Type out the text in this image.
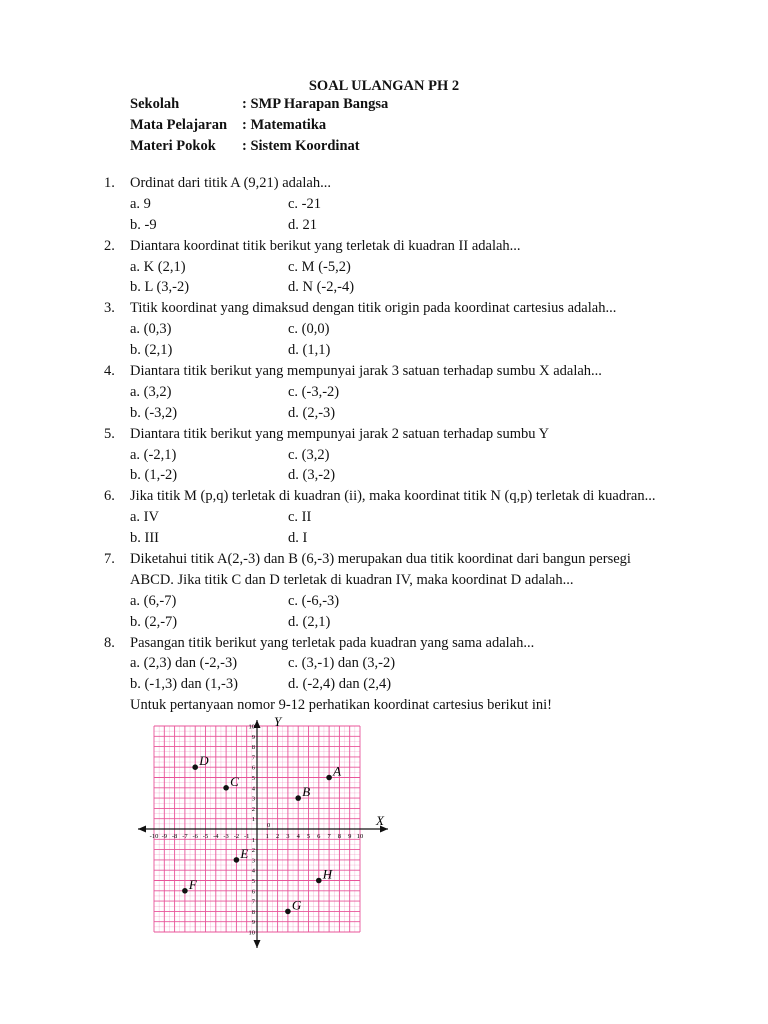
SOAL ULANGAN PH 2
Sekolah	: SMP Harapan Bangsa
Mata Pelajaran : Matematika
Materi Pokok : Sistem Koordinat
1.	Ordinat dari titik A (9,21) adalah...
a. 9	c. -21
b. -9	d. 21
2.	Diantara koordinat titik berikut yang terletak di kuadran II adalah...
a. K (2,1)	c. M (-5,2)
b. L (3,-2)	d. N (-2,-4)
3.	Titik koordinat yang dimaksud dengan titik origin pada koordinat cartesius adalah...
a. (0,3)	c. (0,0)
b. (2,1)	d. (1,1)
4.	Diantara titik berikut yang mempunyai jarak 3 satuan terhadap sumbu X adalah...
a. (3,2)	c. (-3,-2)
b. (-3,2)	d. (2,-3)
5.	Diantara titik berikut yang mempunyai jarak 2 satuan terhadap sumbu Y
a. (-2,1)	c. (3,2)
b. (1,-2)	d. (3,-2)
6.	Jika titik M (p,q) terletak di kuadran (ii), maka koordinat titik N (q,p) terletak di kuadran...
a. IV	c. II
b. III	d. I
7.	Diketahui titik A(2,-3) dan B (6,-3) merupakan dua titik koordinat dari bangun persegi
ABCD. Jika titik C dan D terletak di kuadran IV, maka koordinat D adalah...
a. (6,-7)	c. (-6,-3)
b. (2,-7)	d. (2,1)
8.	Pasangan titik berikut yang terletak pada kuadran yang sama adalah...
a. (2,3) dan (-2,-3)	c. (3,-1) dan (3,-2)
b. (-1,3) dan (1,-3)	d. (-2,4) dan (2,4)
Untuk pertanyaan nomor 9-12 perhatikan koordinat cartesius berikut ini!
X
Y
0
-10 -9 -8 -7 -6 -5 -4 -3 -2 -1	1 2 3 4 5 6 7 8 9 10
10
9
8
7
6
5
4
3
2
1
1
2
3
4
5
6
7
8
9
10
A
B
C
D
E
F
G
H
